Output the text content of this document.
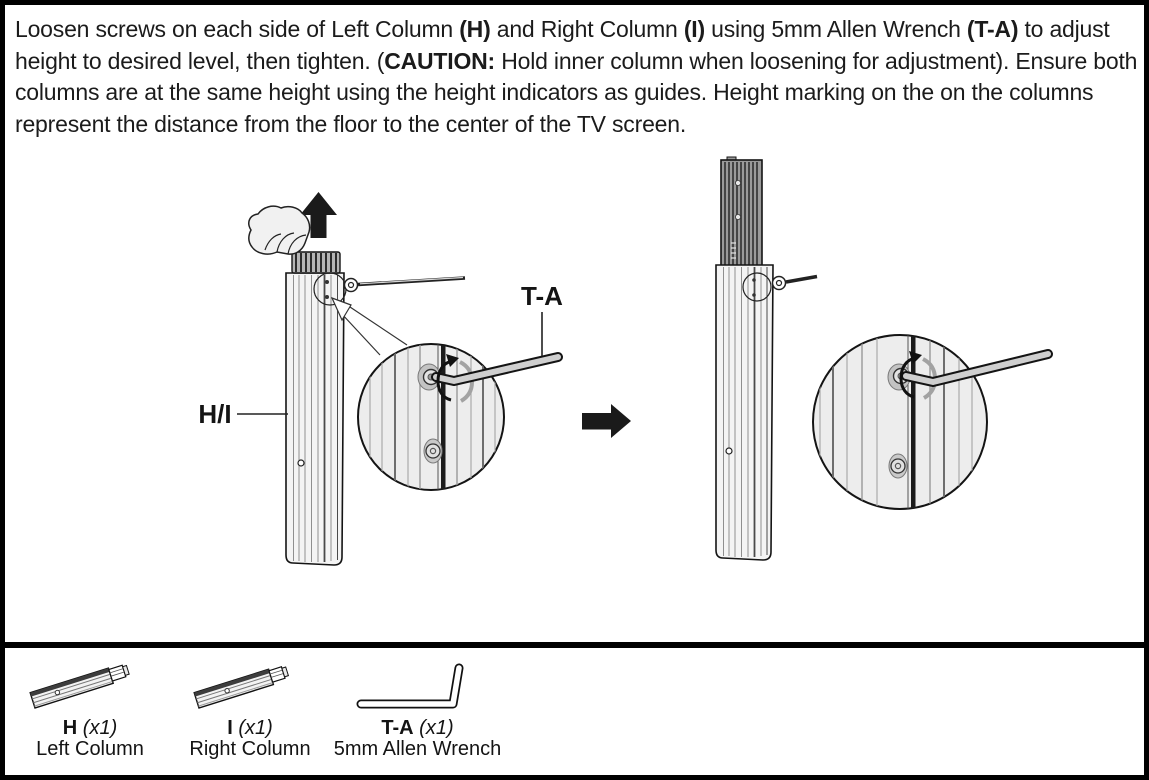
Loosen screws on each side of Left Column (H) and Right Column (I) using 5mm Allen Wrench (T-A) to adjust height to desired level, then tighten. (CAUTION: Hold inner column when loosening for adjustment). Ensure both columns are at the same height using the height indicators as guides. Height marking on the on the columns represent the distance from the floor to the center of the TV screen.
H/I
T-A
H (x1)
Left Column
I (x1)
Right Column
T-A (x1)
5mm Allen Wrench
